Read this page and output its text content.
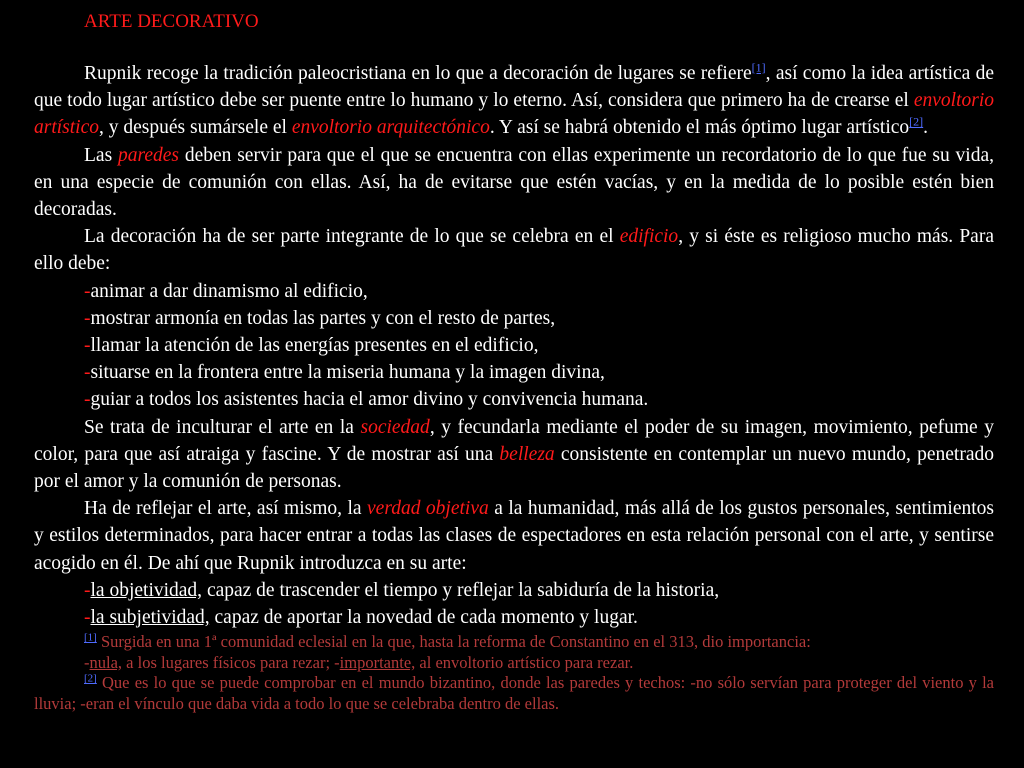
ARTE DECORATIVO

Rupnik recoge la tradición paleocristiana en lo que a decoración de lugares se refiere[1], así como la idea artística de que todo lugar artístico debe ser puente entre lo humano y lo eterno. Así, considera que primero ha de crearse el envoltorio artístico, y después sumársele el envoltorio arquitectónico. Y así se habrá obtenido el más óptimo lugar artístico[2].

Las paredes deben servir para que el que se encuentra con ellas experimente un recordatorio de lo que fue su vida, en una especie de comunión con ellas. Así, ha de evitarse que estén vacías, y en la medida de lo posible estén bien decoradas.

La decoración ha de ser parte integrante de lo que se celebra en el edificio, y si éste es religioso mucho más. Para ello debe:

-animar a dar dinamismo al edificio,

-mostrar armonía en todas las partes y con el resto de partes,

-llamar la atención de las energías presentes en el edificio,

-situarse en la frontera entre la miseria humana y la imagen divina,

-guiar a todos los asistentes hacia el amor divino y convivencia humana.

Se trata de inculturar el arte en la sociedad, y fecundarla mediante el poder de su imagen, movimiento, pefume y color, para que así atraiga y fascine. Y de mostrar así una belleza consistente en contemplar un nuevo mundo, penetrado por el amor y la comunión de personas.

Ha de reflejar el arte, así mismo, la verdad objetiva a la humanidad, más allá de los gustos personales, sentimientos y estilos determinados, para hacer entrar a todas las clases de espectadores en esta relación personal con el arte, y sentirse acogido en él. De ahí que Rupnik introduzca en su arte:

-la objetividad, capaz de trascender el tiempo y reflejar la sabiduría de la historia,

-la subjetividad, capaz de aportar la novedad de cada momento y lugar.

[1] Surgida en una 1ª comunidad eclesial en la que, hasta la reforma de Constantino en el 313, dio importancia:

-nula, a los lugares físicos para rezar; -importante, al envoltorio artístico para rezar.

[2] Que es lo que se puede comprobar en el mundo bizantino, donde las paredes y techos: -no sólo servían para proteger del viento y la lluvia; -eran el vínculo que daba vida a todo lo que se celebraba dentro de ellas.
